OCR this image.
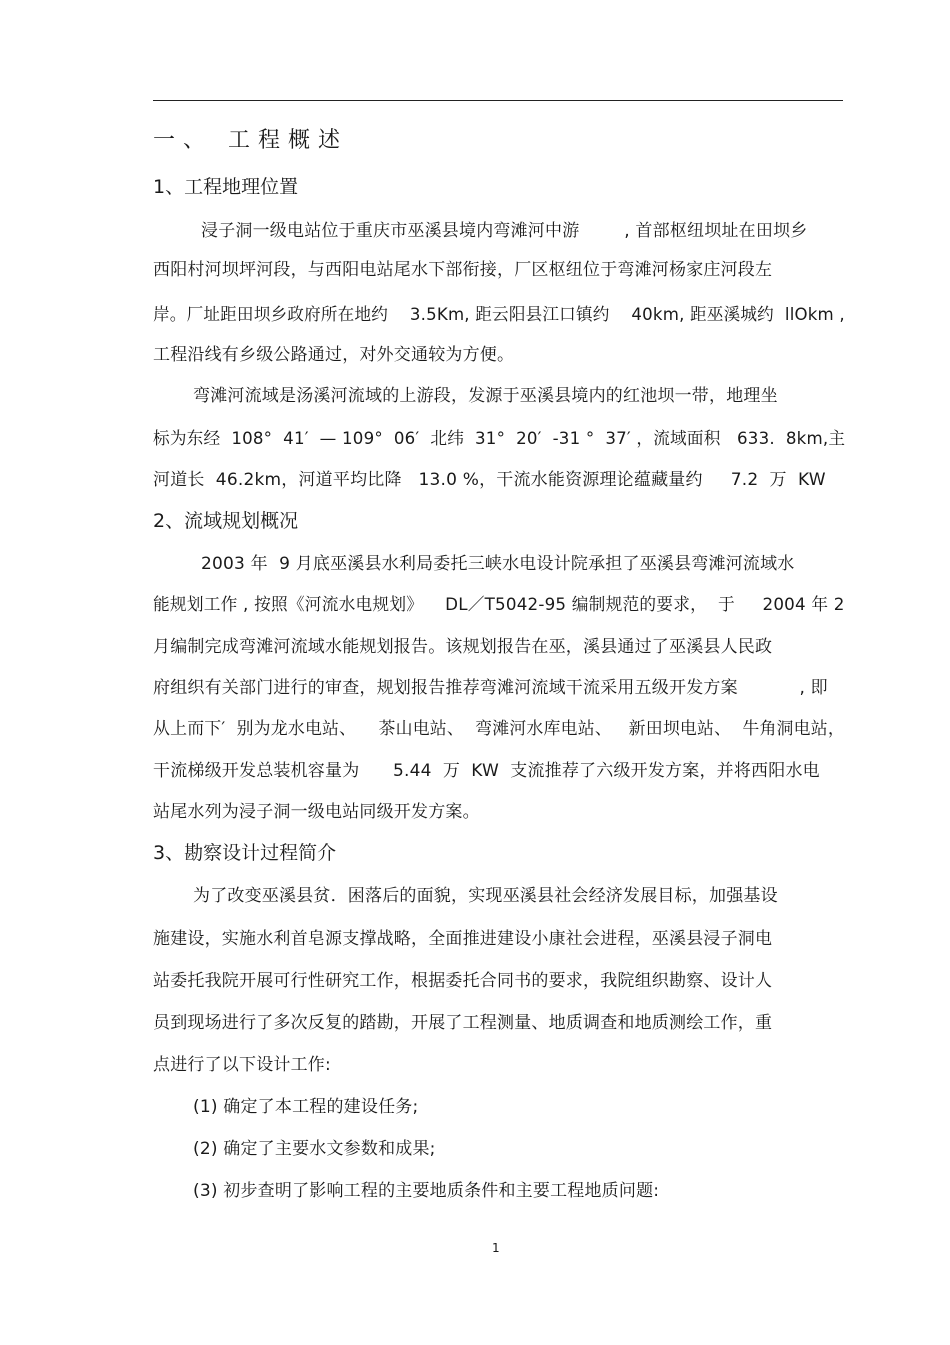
一、 工程概述
1、工程地理位置
浸子洞一级电站位于重庆市巫溪县境内弯滩河中游        , 首部枢纽坝址在田坝乡
西阳村河坝坪河段，与西阳电站尾水下部衔接，厂区枢纽位于弯滩河杨家庄河段左
岸。厂址距田坝乡政府所在地约    3.5Km, 距云阳县江口镇约    40km, 距巫溪城约  llOkm ,
工程沿线有乡级公路通过，对外交通较为方便。
弯滩河流域是汤溪河流域的上游段，发源于巫溪县境内的红池坝一带，地理坐
标为东经  108°  41′  — 109°  06′  北纬  31°  20′  -31 °  37′ ，流域面积   633.  8km,主
河道长  46.2km，河道平均比降   13.0 %，干流水能资源理论蕴藏量约     7.2  万  KW
2、流域规划概况
2003 年  9 月底巫溪县水利局委托三峡水电设计院承担了巫溪县弯滩河流域水
能规划工作 , 按照《河流水电规划》    DL／T5042-95 编制规范的要求，  于     2004 年 2
月编制完成弯滩河流域水能规划报告。该规划报告在巫，溪县通过了巫溪县人民政
府组织有关部门进行的审查，规划报告推荐弯滩河流域干流采用五级开发方案           , 即
从上而下′  别为龙水电站、    茶山电站、  弯滩河水库电站、   新田坝电站、  牛角洞电站，
干流梯级开发总装机容量为      5.44  万  KW  支流推荐了六级开发方案，并将西阳水电
站尾水列为浸子洞一级电站同级开发方案。
3、勘察设计过程简介
为了改变巫溪县贫．困落后的面貌，实现巫溪县社会经济发展目标，加强基设
施建设，实施水利首皂源支撑战略，全面推进建设小康社会进程，巫溪县浸子洞电
站委托我院开展可行性研究工作，根据委托合同书的要求，我院组织勘察、设计人
员到现场进行了多次反复的踏勘，开展了工程测量、地质调查和地质测绘工作，重
点进行了以下设计工作:
(1) 确定了本工程的建设任务;
(2) 确定了主要水文参数和成果;
(3) 初步查明了影响工程的主要地质条件和主要工程地质问题:
1
